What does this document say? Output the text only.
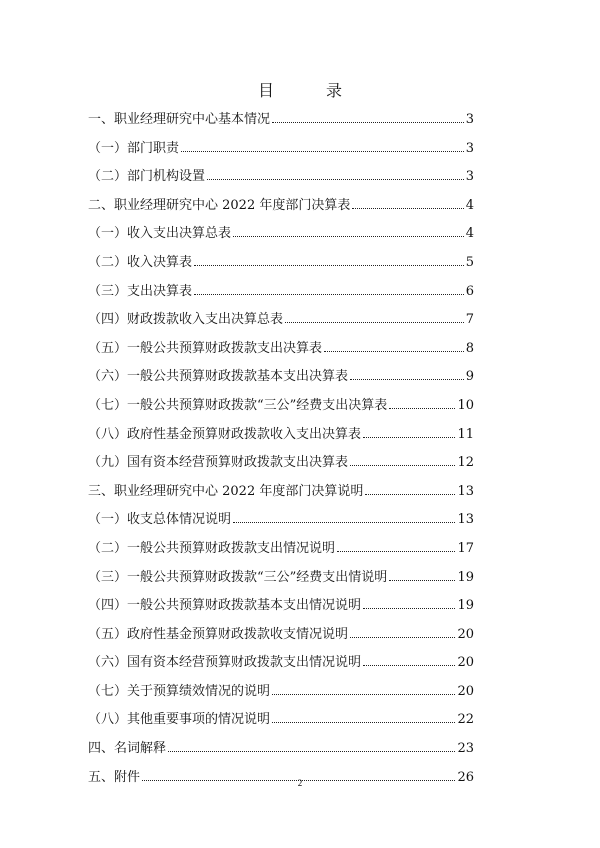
目	录
一、职业经理研究中心基本情况	3
（一）部门职责	3
（二）部门机构设置	3
二、职业经理研究中心 2022 年度部门决算表	4
（一）收入支出决算总表	4
（二）收入决算表	5
（三）支出决算表	6
（四）财政拨款收入支出决算总表	7
（五）一般公共预算财政拨款支出决算表	8
（六）一般公共预算财政拨款基本支出决算表	9
（七）一般公共预算财政拨款“三公”经费支出决算表	10
（八）政府性基金预算财政拨款收入支出决算表	11
（九）国有资本经营预算财政拨款支出决算表	12
三、职业经理研究中心 2022 年度部门决算说明	13
（一）收支总体情况说明	13
（二）一般公共预算财政拨款支出情况说明	17
（三）一般公共预算财政拨款“三公”经费支出情说明	19
（四）一般公共预算财政拨款基本支出情况说明	19
（五）政府性基金预算财政拨款收支情况说明	20
（六）国有资本经营预算财政拨款支出情况说明	20
（七）关于预算绩效情况的说明	20
（八）其他重要事项的情况说明	22
四、名词解释	23
五、附件	26
2
